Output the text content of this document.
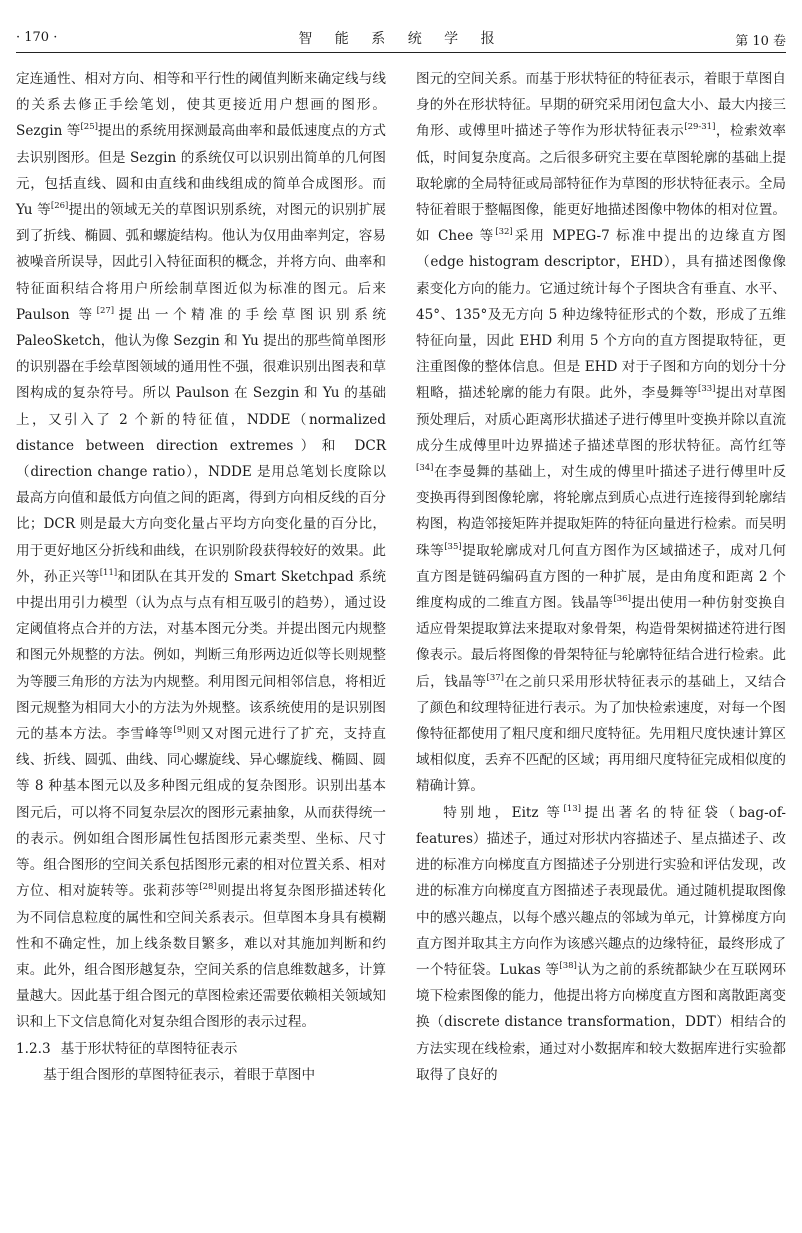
· 170 ·	智 能 系 统 学 报	第 10 卷

定连通性、相对方向、相等和平行性的阈值判断来确定线与线的关系去修正手绘笔划，使其更接近用户想画的图形。Sezgin 等[25]提出的系统用探测最高曲率和最低速度点的方式去识别图形。但是 Sezgin 的系统仅可以识别出简单的几何图元，包括直线、圆和由直线和曲线组成的简单合成图形。而 Yu 等[26]提出的领域无关的草图识别系统，对图元的识别扩展到了折线、椭圆、弧和螺旋结构。他认为仅用曲率判定，容易被噪音所误导，因此引入特征面积的概念，并将方向、曲率和特征面积结合将用户所绘制草图近似为标准的图元。后来 Paulson 等[27]提出一个精准的手绘草图识别系统 PaleoSketch，他认为像 Sezgin 和 Yu 提出的那些简单图形的识别器在手绘草图领域的通用性不强，很难识别出图表和草图构成的复杂符号。所以 Paulson 在 Sezgin 和 Yu 的基础上，又引入了 2 个新的特征值，NDDE（normalized distance between direction extremes）和 DCR（direction change ratio），NDDE 是用总笔划长度除以最高方向值和最低方向值之间的距离，得到方向相反线的百分比；DCR 则是最大方向变化量占平均方向变化量的百分比，用于更好地区分折线和曲线，在识别阶段获得较好的效果。此外，孙正兴等[11]和团队在其开发的 Smart Sketchpad 系统中提出用引力模型（认为点与点有相互吸引的趋势），通过设定阈值将点合并的方法，对基本图元分类。并提出图元内规整和图元外规整的方法。例如，判断三角形两边近似等长则规整为等腰三角形的方法为内规整。利用图元间相邻信息，将相近图元规整为相同大小的方法为外规整。该系统使用的是识别图元的基本方法。李雪峰等[9]则又对图元进行了扩充，支持直线、折线、圆弧、曲线、同心螺旋线、异心螺旋线、椭圆、圆等 8 种基本图元以及多种图元组成的复杂图形。识别出基本图元后，可以将不同复杂层次的图形元素抽象，从而获得统一的表示。例如组合图形属性包括图形元素类型、坐标、尺寸等。组合图形的空间关系包括图形元素的相对位置关系、相对方位、相对旋转等。张莉莎等[28]则提出将复杂图形描述转化为不同信息粒度的属性和空间关系表示。但草图本身具有模糊性和不确定性，加上线条数目繁多，难以对其施加判断和约束。此外，组合图形越复杂，空间关系的信息维数越多，计算量越大。因此基于组合图元的草图检索还需要依赖相关领域知识和上下文信息简化对复杂组合图形的表示过程。

1.2.3 基于形状特征的草图特征表示

基于组合图形的草图特征表示，着眼于草图中

图元的空间关系。而基于形状特征的特征表示，着眼于草图自身的外在形状特征。早期的研究采用闭包盒大小、最大内接三角形、或傅里叶描述子等作为形状特征表示[29-31]，检索效率低，时间复杂度高。之后很多研究主要在草图轮廓的基础上提取轮廓的全局特征或局部特征作为草图的形状特征表示。全局特征着眼于整幅图像，能更好地描述图像中物体的相对位置。如 Chee 等[32]采用 MPEG-7 标准中提出的边缘直方图（edge histogram descriptor，EHD），具有描述图像像素变化方向的能力。它通过统计每个子图块含有垂直、水平、45°、135°及无方向 5 种边缘特征形式的个数，形成了五维特征向量，因此 EHD 利用 5 个方向的直方图提取特征，更注重图像的整体信息。但是 EHD 对于子图和方向的划分十分粗略，描述轮廓的能力有限。此外，李曼舞等[33]提出对草图预处理后，对质心距离形状描述子进行傅里叶变换并除以直流成分生成傅里叶边界描述子描述草图的形状特征。高竹红等[34]在李曼舞的基础上，对生成的傅里叶描述子进行傅里叶反变换再得到图像轮廓，将轮廓点到质心点进行连接得到轮廓结构图，构造邻接矩阵并提取矩阵的特征向量进行检索。而吴明珠等[35]提取轮廓成对几何直方图作为区域描述子，成对几何直方图是链码编码直方图的一种扩展，是由角度和距离 2 个维度构成的二维直方图。钱晶等[36]提出使用一种仿射变换自适应骨架提取算法来提取对象骨架，构造骨架树描述符进行图像表示。最后将图像的骨架特征与轮廓特征结合进行检索。此后，钱晶等[37]在之前只采用形状特征表示的基础上，又结合了颜色和纹理特征进行表示。为了加快检索速度，对每一个图像特征都使用了粗尺度和细尺度特征。先用粗尺度快速计算区域相似度，丢弃不匹配的区域；再用细尺度特征完成相似度的精确计算。

特别地，Eitz 等[13]提出著名的特征袋（bag-of-features）描述子，通过对形状内容描述子、星点描述子、改进的标准方向梯度直方图描述子分别进行实验和评估发现，改进的标准方向梯度直方图描述子表现最优。通过随机提取图像中的感兴趣点，以每个感兴趣点的邻域为单元，计算梯度方向直方图并取其主方向作为该感兴趣点的边缘特征，最终形成了一个特征袋。Lukas 等[38]认为之前的系统都缺少在互联网环境下检索图像的能力，他提出将方向梯度直方图和离散距离变换（discrete distance transformation，DDT）相结合的方法实现在线检索，通过对小数据库和较大数据库进行实验都取得了良好的
